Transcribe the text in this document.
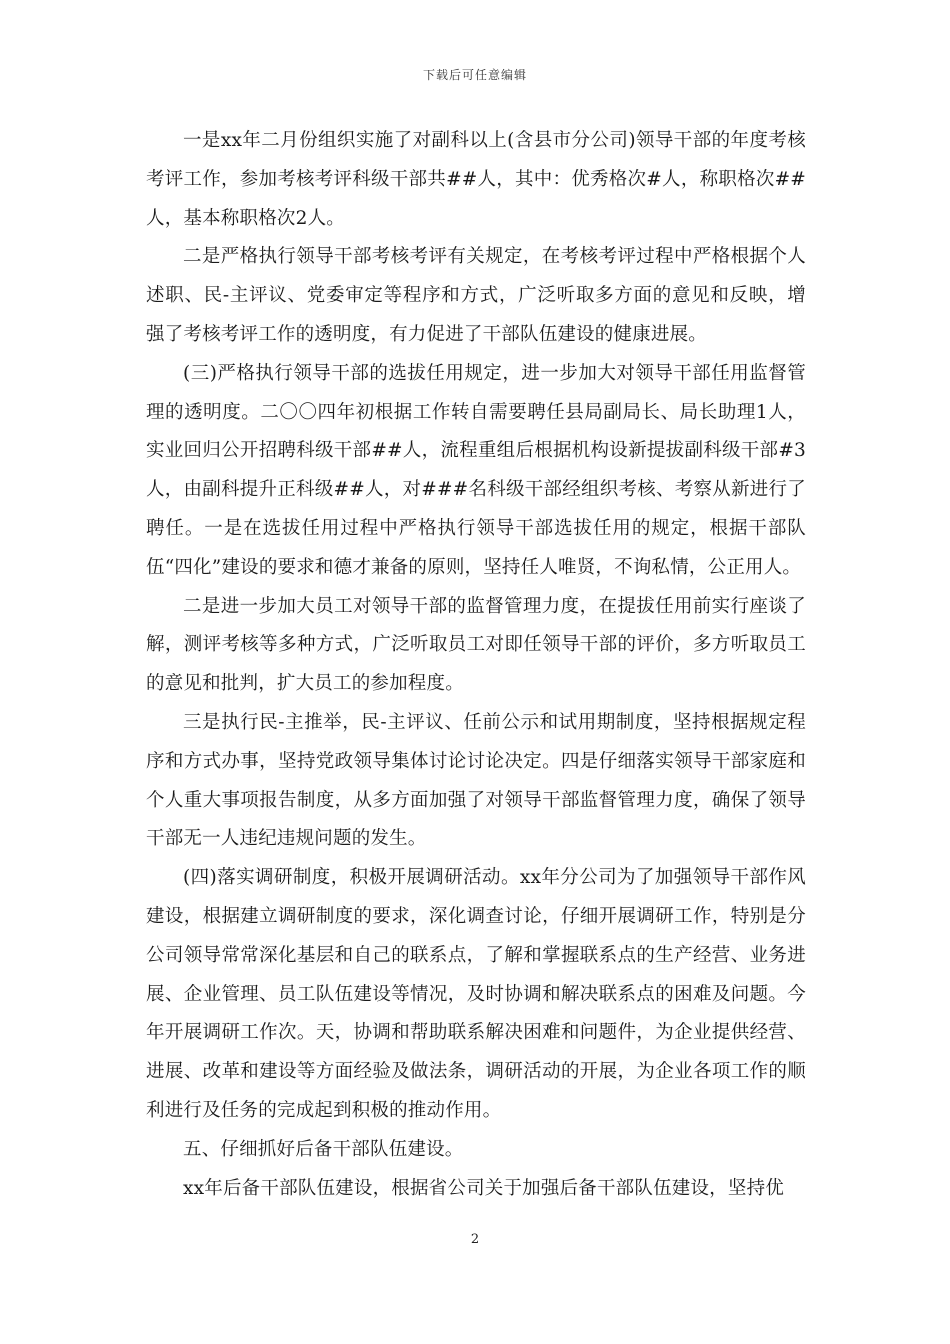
下载后可任意编辑

一是xx年二月份组织实施了对副科以上(含县市分公司)领导干部的年度考核考评工作，参加考核考评科级干部共##人，其中：优秀格次#人，称职格次##人，基本称职格次2人。

二是严格执行领导干部考核考评有关规定，在考核考评过程中严格根据个人述职、民-主评议、党委审定等程序和方式，广泛听取多方面的意见和反映，增强了考核考评工作的透明度，有力促进了干部队伍建设的健康进展。

(三)严格执行领导干部的选拔任用规定，进一步加大对领导干部任用监督管理的透明度。二〇〇四年初根据工作转自需要聘任县局副局长、局长助理1人，实业回归公开招聘科级干部##人，流程重组后根据机构设新提拔副科级干部#3人，由副科提升正科级##人，对###名科级干部经组织考核、考察从新进行了聘任。一是在选拔任用过程中严格执行领导干部选拔任用的规定，根据干部队伍“四化”建设的要求和德才兼备的原则，坚持任人唯贤，不询私情，公正用人。

二是进一步加大员工对领导干部的监督管理力度，在提拔任用前实行座谈了解，测评考核等多种方式，广泛听取员工对即任领导干部的评价，多方听取员工的意见和批判，扩大员工的参加程度。

三是执行民-主推举，民-主评议、任前公示和试用期制度，坚持根据规定程序和方式办事，坚持党政领导集体讨论讨论决定。四是仔细落实领导干部家庭和个人重大事项报告制度，从多方面加强了对领导干部监督管理力度，确保了领导干部无一人违纪违规问题的发生。

(四)落实调研制度，积极开展调研活动。xx年分公司为了加强领导干部作风建设，根据建立调研制度的要求，深化调查讨论，仔细开展调研工作，特别是分公司领导常常深化基层和自己的联系点，了解和掌握联系点的生产经营、业务进展、企业管理、员工队伍建设等情况，及时协调和解决联系点的困难及问题。今年开展调研工作次。天，协调和帮助联系解决困难和问题件，为企业提供经营、进展、改革和建设等方面经验及做法条，调研活动的开展，为企业各项工作的顺利进行及任务的完成起到积极的推动作用。

五、仔细抓好后备干部队伍建设。

xx年后备干部队伍建设，根据省公司关于加强后备干部队伍建设，坚持优

2
